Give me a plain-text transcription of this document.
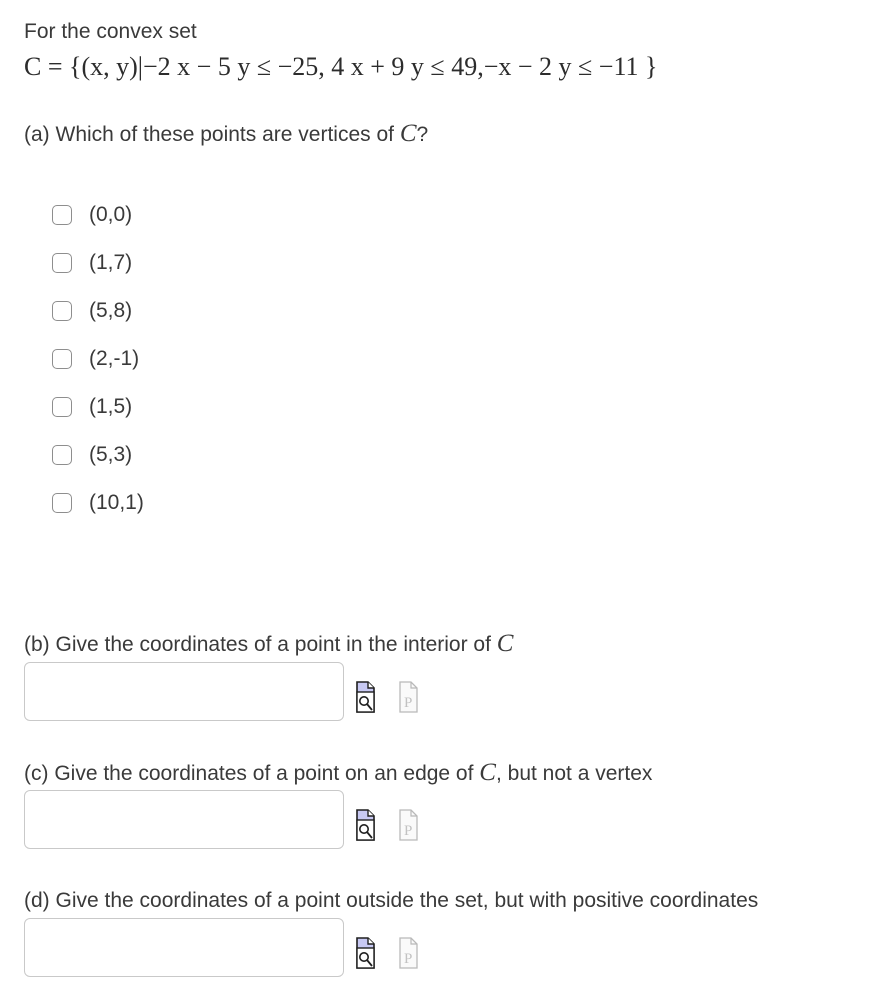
For the convex set
C = {(x, y)|−2 x − 5 y ≤ −25, 4 x + 9 y ≤ 49,−x − 2 y ≤ −11 }
(a) Which of these points are vertices of C?
(0,0)
(1,7)
(5,8)
(2,-1)
(1,5)
(5,3)
(10,1)
(b) Give the coordinates of a point in the interior of C
(c) Give the coordinates of a point on an edge of C, but not a vertex
(d) Give the coordinates of a point outside the set, but with positive coordinates
